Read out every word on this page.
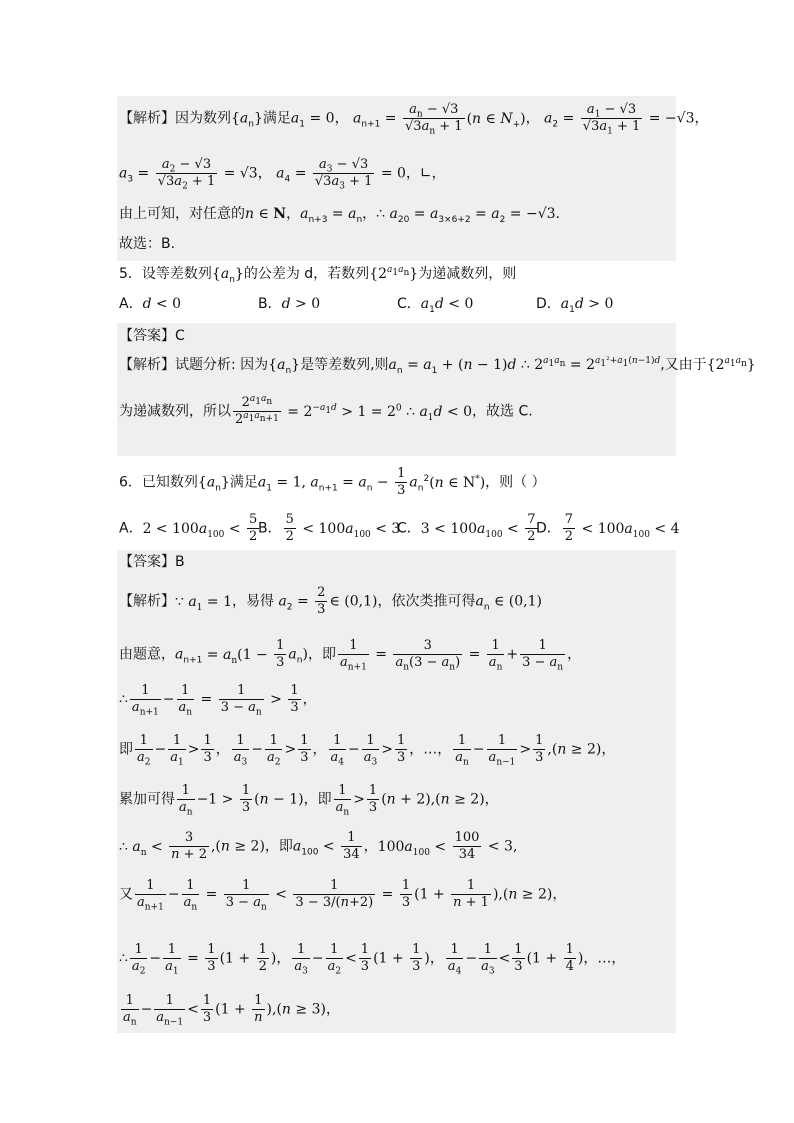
【解析】因为数列$\{a_n\}$满足$a_1 = 0$， $a_{n+1} = \frac{a_n - √3}{√3a_n + 1} (n$ ∈ $N_+$)， $a_2 = \frac{a_1 - √3}{√3a_1 + 1} = -√3$，
$a_3 = \frac{a_2 - √3}{√3a_2 + 1} = √3$， $a_4 = \frac{a_3 - √3}{√3a_3 + 1} = 0$，∟，
由上可知，对任意的n ∈ N，$a_{n+3} = a_n$，∴ $a_{20} = a_{3\times 6+2} = a_2 = -√3$.
故选：B.
5．设等差数列$\{a_n\}$的公差为 d，若数列$\{2^{a_1a_n}\}$为递减数列，则
A．d < 0	B．d > 0	C．$a_1d < 0$	D．$a_1d > 0$
【答案】C
【解析】试题分析: 因为$\{a_n\}$是等差数列,则$a_n = a_1 + (n - 1)d$ ∴ $2^{a_1a_n} = 2^{a_1^2+a_1(n-1)d}$,又由于$\{2^{a_1a_n}\}$
为递减数列，所以 $\frac{2^{a_1a_n}}{2^{a_1a_{n+1}}} = 2^{-a_1d} > 1 = 2^0$ ∴ $a_1d < 0$，故选 C.
6．已知数列$\{a_n\}$满足$a_1 = 1$, $a_{n+1} = a_n - \frac{1}{3} a_n^2(n$ ∈ N*)，则（ ）
A．$2 < 100a_{100} < \frac{5}{2}$
B． $\frac{5}{2} < 100a_{100} < 3$
C．$3 < 100a_{100} < \frac{7}{2}$
D． $\frac{7}{2} < 100a_{100} < 4$
【答案】B
【解析】∵ $a_1 = 1$，易得 $a_2 = \frac{2}{3}$ ∈ (0,1)，依次类推可得$a_n$ ∈ (0,1)
由题意，$a_{n+1} = a_n(1 - \frac{1}{3} a_n)$，即 $\frac{1}{a_{n+1}} = \frac{3}{a_n(3 - a_n)} = \frac{1}{a_n} + \frac{1}{3 - a_n}$ ，
∴ $\frac{1}{a_{n+1}} - \frac{1}{a_n} = \frac{1}{3 - a_n} > \frac{1}{3}$ ，
即 $\frac{1}{a_2} - \frac{1}{a_1} > \frac{1}{3}$ ， $\frac{1}{a_3} - \frac{1}{a_2} > \frac{1}{3}$ ， $\frac{1}{a_4} - \frac{1}{a_3} > \frac{1}{3}$ ，…， $\frac{1}{a_n} - \frac{1}{a_{n-1}} > \frac{1}{3} ,(n \ge 2)$，
累加可得 $\frac{1}{a_n} -1 > \frac{1}{3} (n - 1)$，即 $\frac{1}{a_n} > \frac{1}{3} (n + 2),(n \ge 2)$，
∴ $a_n < \frac{3}{n + 2} ,(n \ge 2)$，即$a_{100} < \frac{1}{34}$ ，$100a_{100} < \frac{100}{34} < 3$,
又 $\frac{1}{a_{n+1}} - \frac{1}{a_n} = \frac{1}{3 - a_n} < \frac{1}{3 - 3/(n+2)} = \frac{1}{3} (1 + \frac{1}{n + 1} ),(n \ge 2)$，
∴ $\frac{1}{a_2} - \frac{1}{a_1} = \frac{1}{3} (1 + \frac{1}{2}$ )， $\frac{1}{a_3} - \frac{1}{a_2} < \frac{1}{3} (1 + \frac{1}{3}$ )， $\frac{1}{a_4} - \frac{1}{a_3} < \frac{1}{3} (1 + \frac{1}{4}$ )，…，
$\frac{1}{a_n} - \frac{1}{a_{n-1}} < \frac{1}{3} (1 + \frac{1}{n} ),(n \ge 3)$，
